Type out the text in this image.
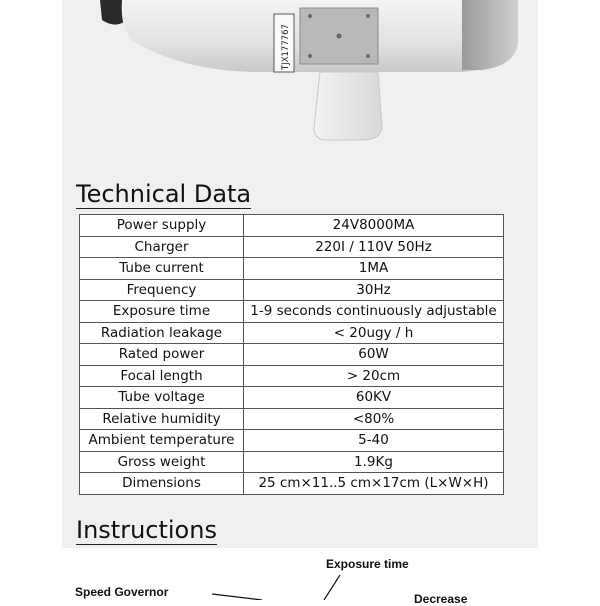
TJX177767
Technical Data
Power supply	24V8000MA
Charger	220I / 110V 50Hz
Tube current	1MA
Frequency	30Hz
Exposure time	1-9 seconds continuously adjustable
Radiation leakage	< 20ugy / h
Rated power	60W
Focal length	> 20cm
Tube voltage	60KV
Relative humidity	<80%
Ambient temperature	5-40
Gross weight	1.9Kg
Dimensions	25 cm×11..5 cm×17cm (L×W×H)
Instructions
Exposure time
Speed Governor	Decrease
